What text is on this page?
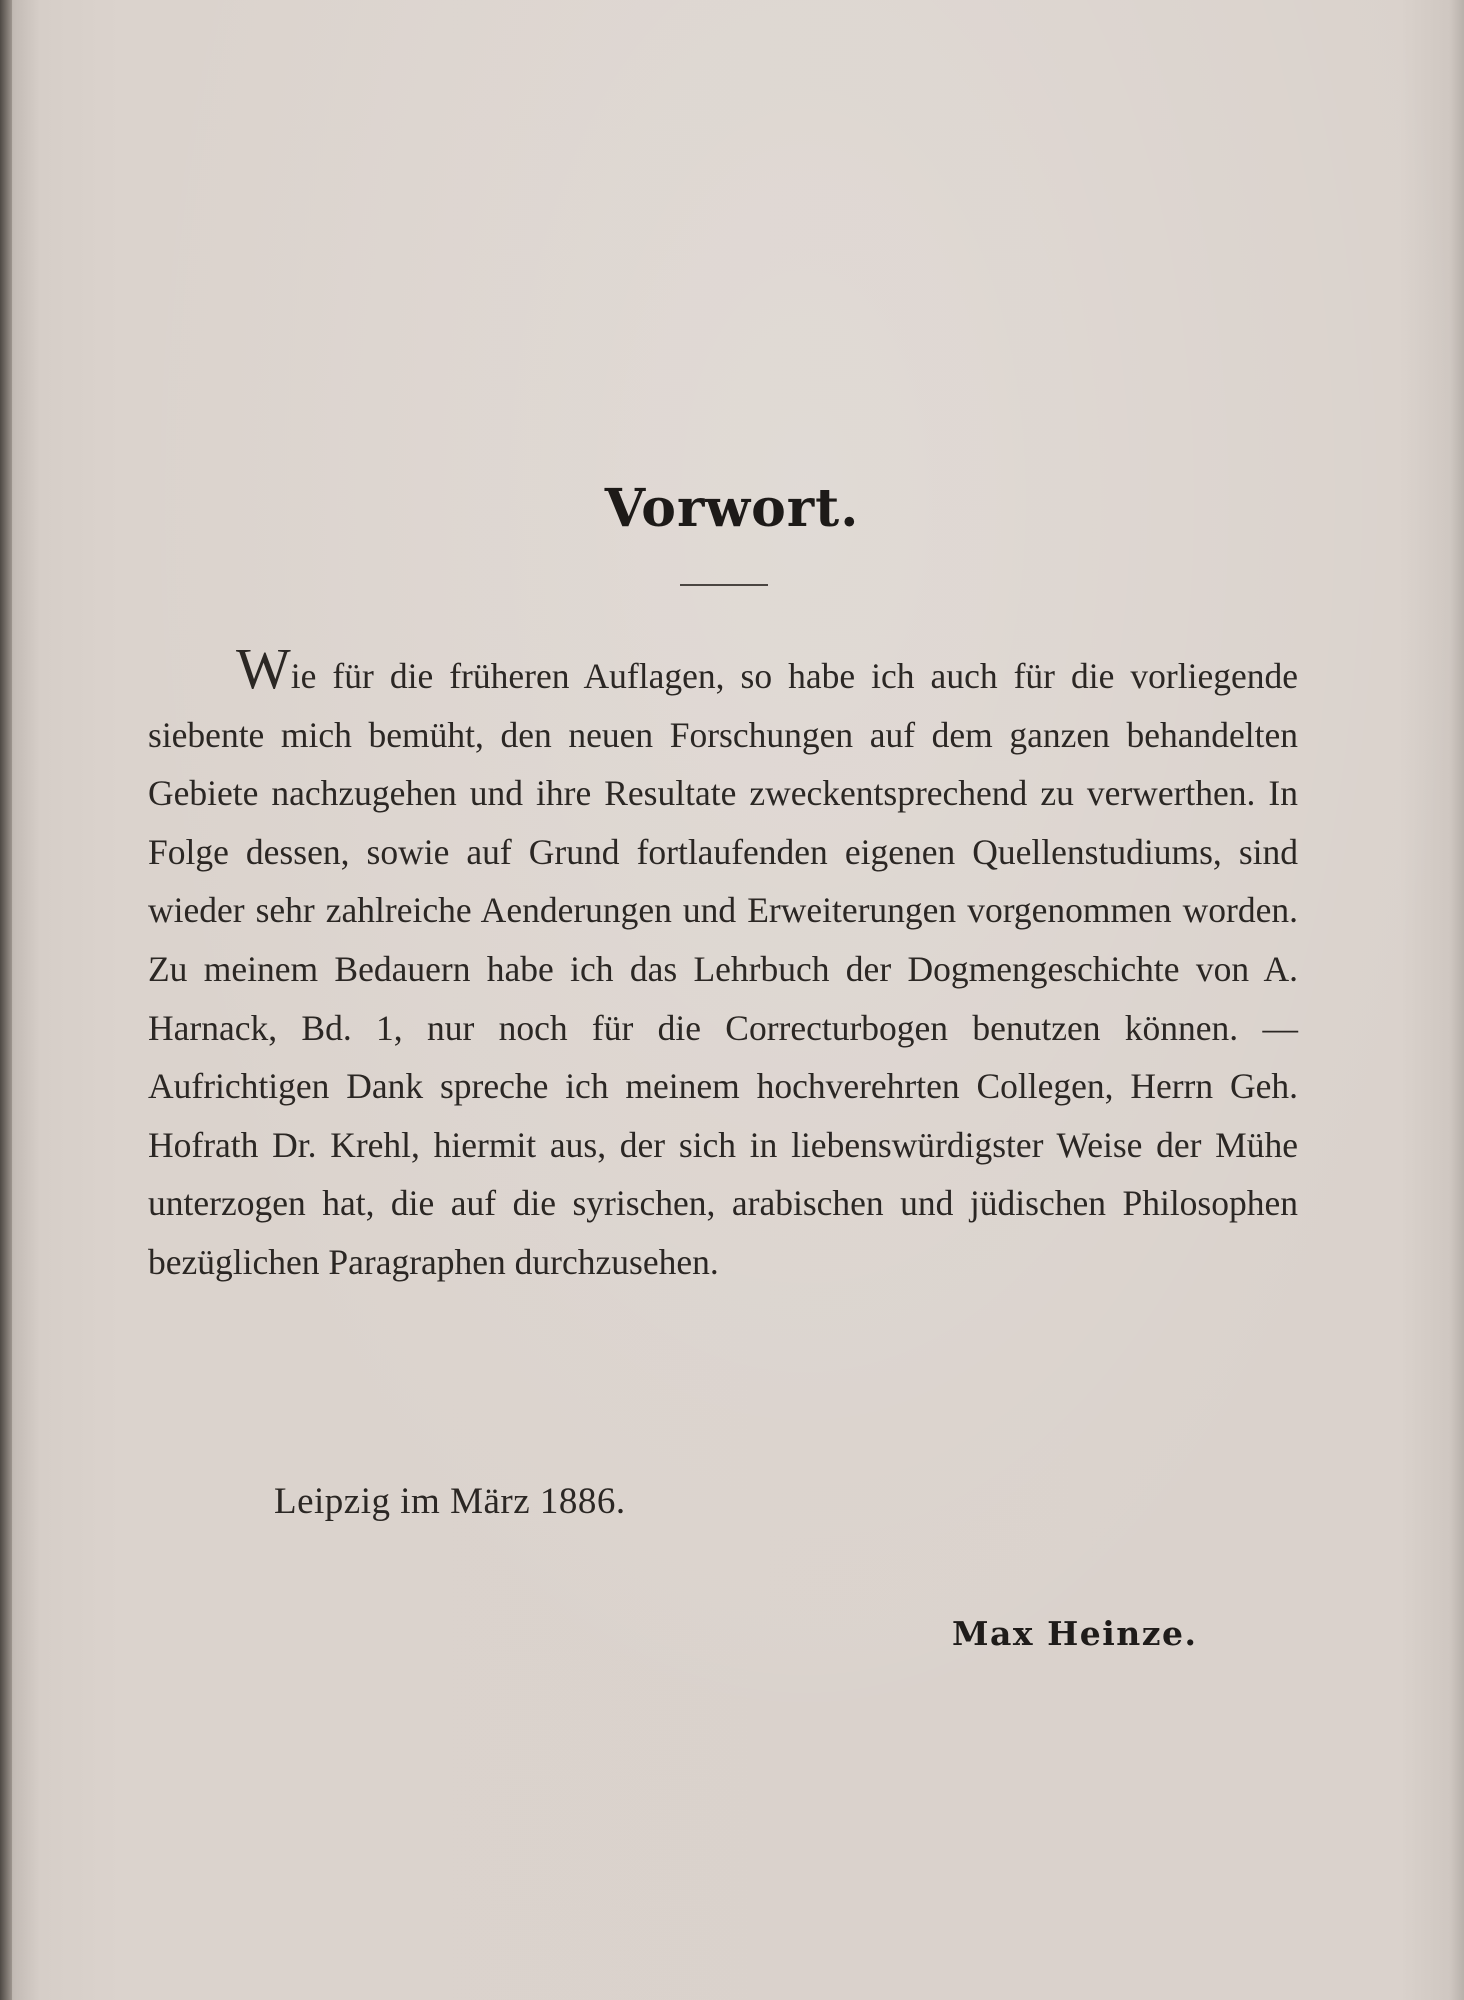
Vorwort.

Wie für die früheren Auflagen, so habe ich auch für die vorliegende siebente mich bemüht, den neuen Forschungen auf dem ganzen behandelten Gebiete nachzugehen und ihre Resultate zweckentsprechend zu verwerthen. In Folge dessen, sowie auf Grund fortlaufenden eigenen Quellenstudiums, sind wieder sehr zahlreiche Aenderungen und Erweiterungen vorgenommen worden. Zu meinem Bedauern habe ich das Lehrbuch der Dogmengeschichte von A. Harnack, Bd. 1, nur noch für die Correcturbogen benutzen können. — Aufrichtigen Dank spreche ich meinem hochverehrten Collegen, Herrn Geh. Hofrath Dr. Krehl, hiermit aus, der sich in liebenswürdigster Weise der Mühe unterzogen hat, die auf die syrischen, arabischen und jüdischen Philosophen bezüglichen Paragraphen durchzusehen.

Leipzig im März 1886.
Max Heinze.
